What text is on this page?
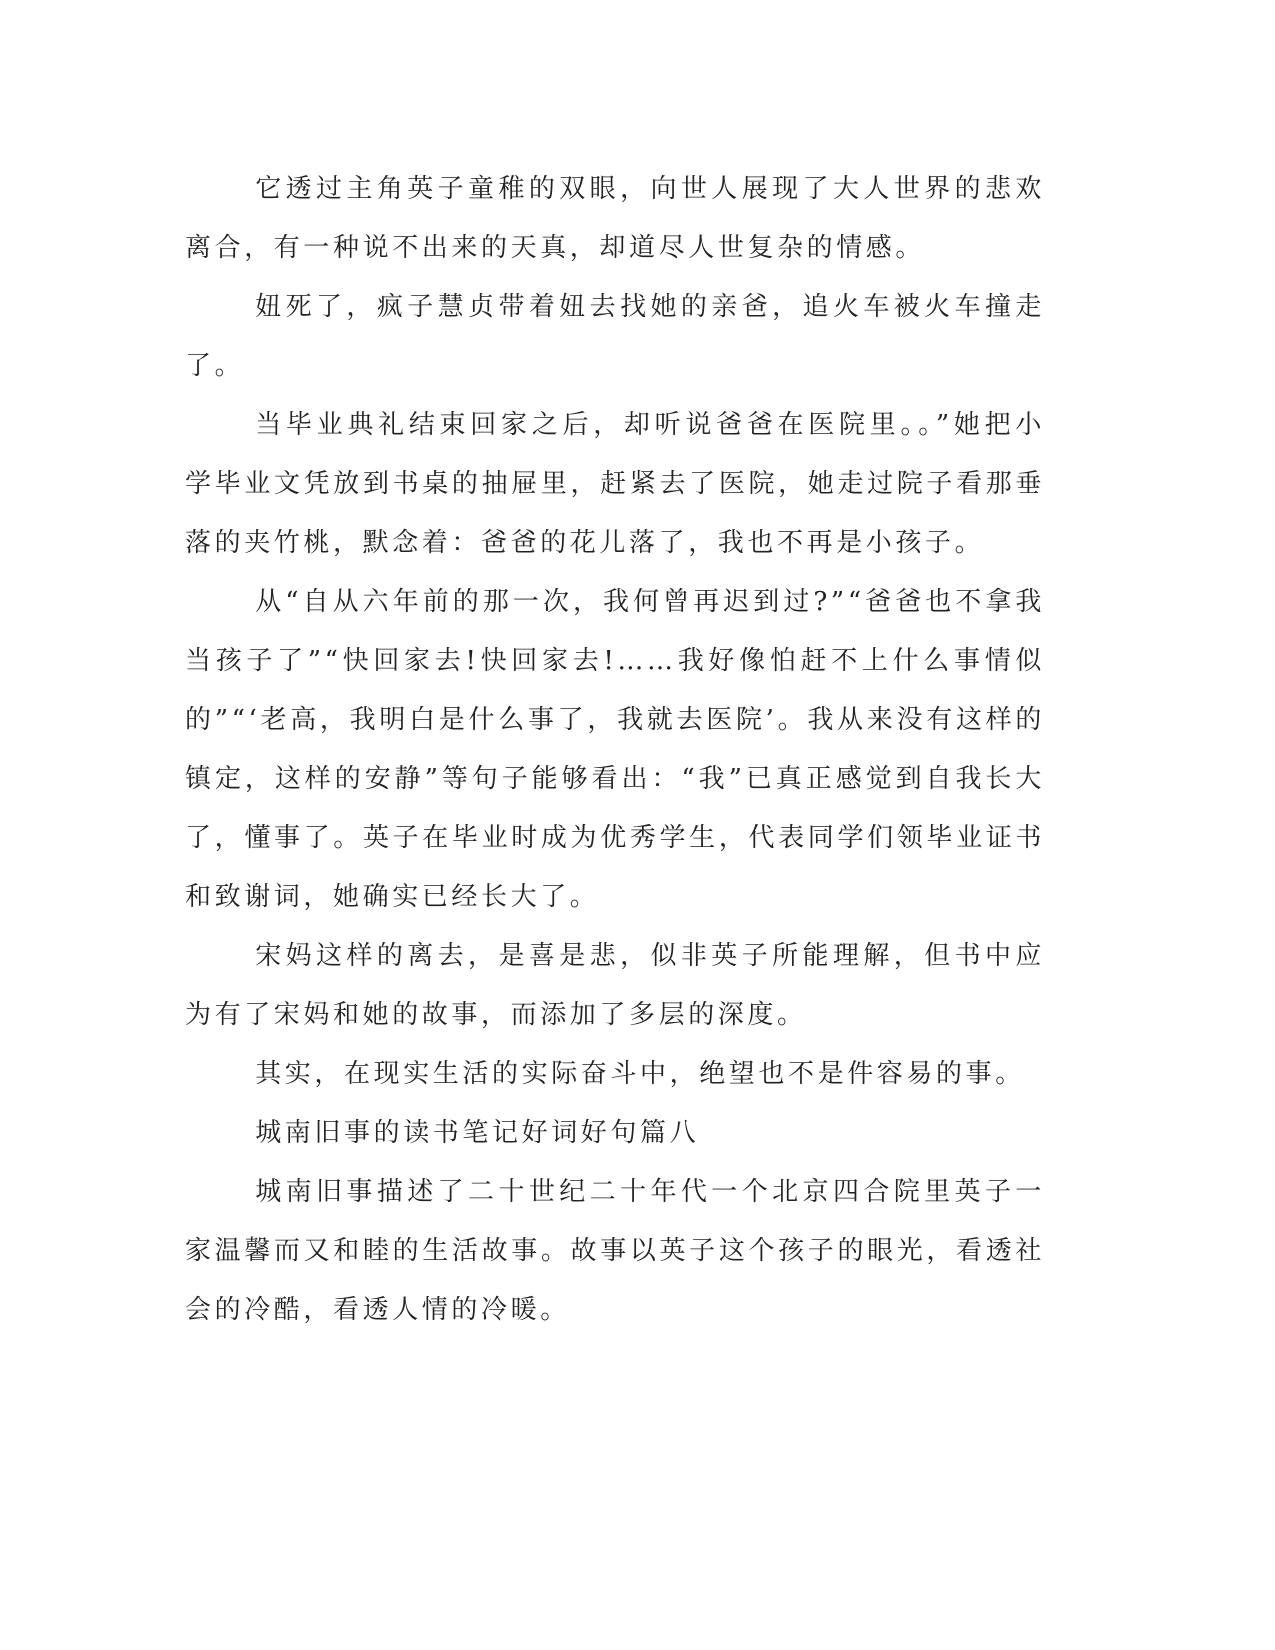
它透过主角英子童稚的双眼，向世人展现了大人世界的悲欢离合，有一种说不出来的天真，却道尽人世复杂的情感。

妞死了，疯子慧贞带着妞去找她的亲爸，追火车被火车撞走了。

当毕业典礼结束回家之后，却听说爸爸在医院里。。”她把小学毕业文凭放到书桌的抽屉里，赶紧去了医院，她走过院子看那垂落的夹竹桃，默念着：爸爸的花儿落了，我也不再是小孩子。

从“自从六年前的那一次，我何曾再迟到过?”“爸爸也不拿我当孩子了”“快回家去!快回家去!……我好像怕赶不上什么事情似的”“‘老高，我明白是什么事了，我就去医院’。我从来没有这样的镇定，这样的安静”等句子能够看出：“我”已真正感觉到自我长大了，懂事了。英子在毕业时成为优秀学生，代表同学们领毕业证书和致谢词，她确实已经长大了。

宋妈这样的离去，是喜是悲，似非英子所能理解，但书中应为有了宋妈和她的故事，而添加了多层的深度。

其实，在现实生活的实际奋斗中，绝望也不是件容易的事。

城南旧事的读书笔记好词好句篇八

城南旧事描述了二十世纪二十年代一个北京四合院里英子一家温馨而又和睦的生活故事。故事以英子这个孩子的眼光，看透社会的冷酷，看透人情的冷暖。
